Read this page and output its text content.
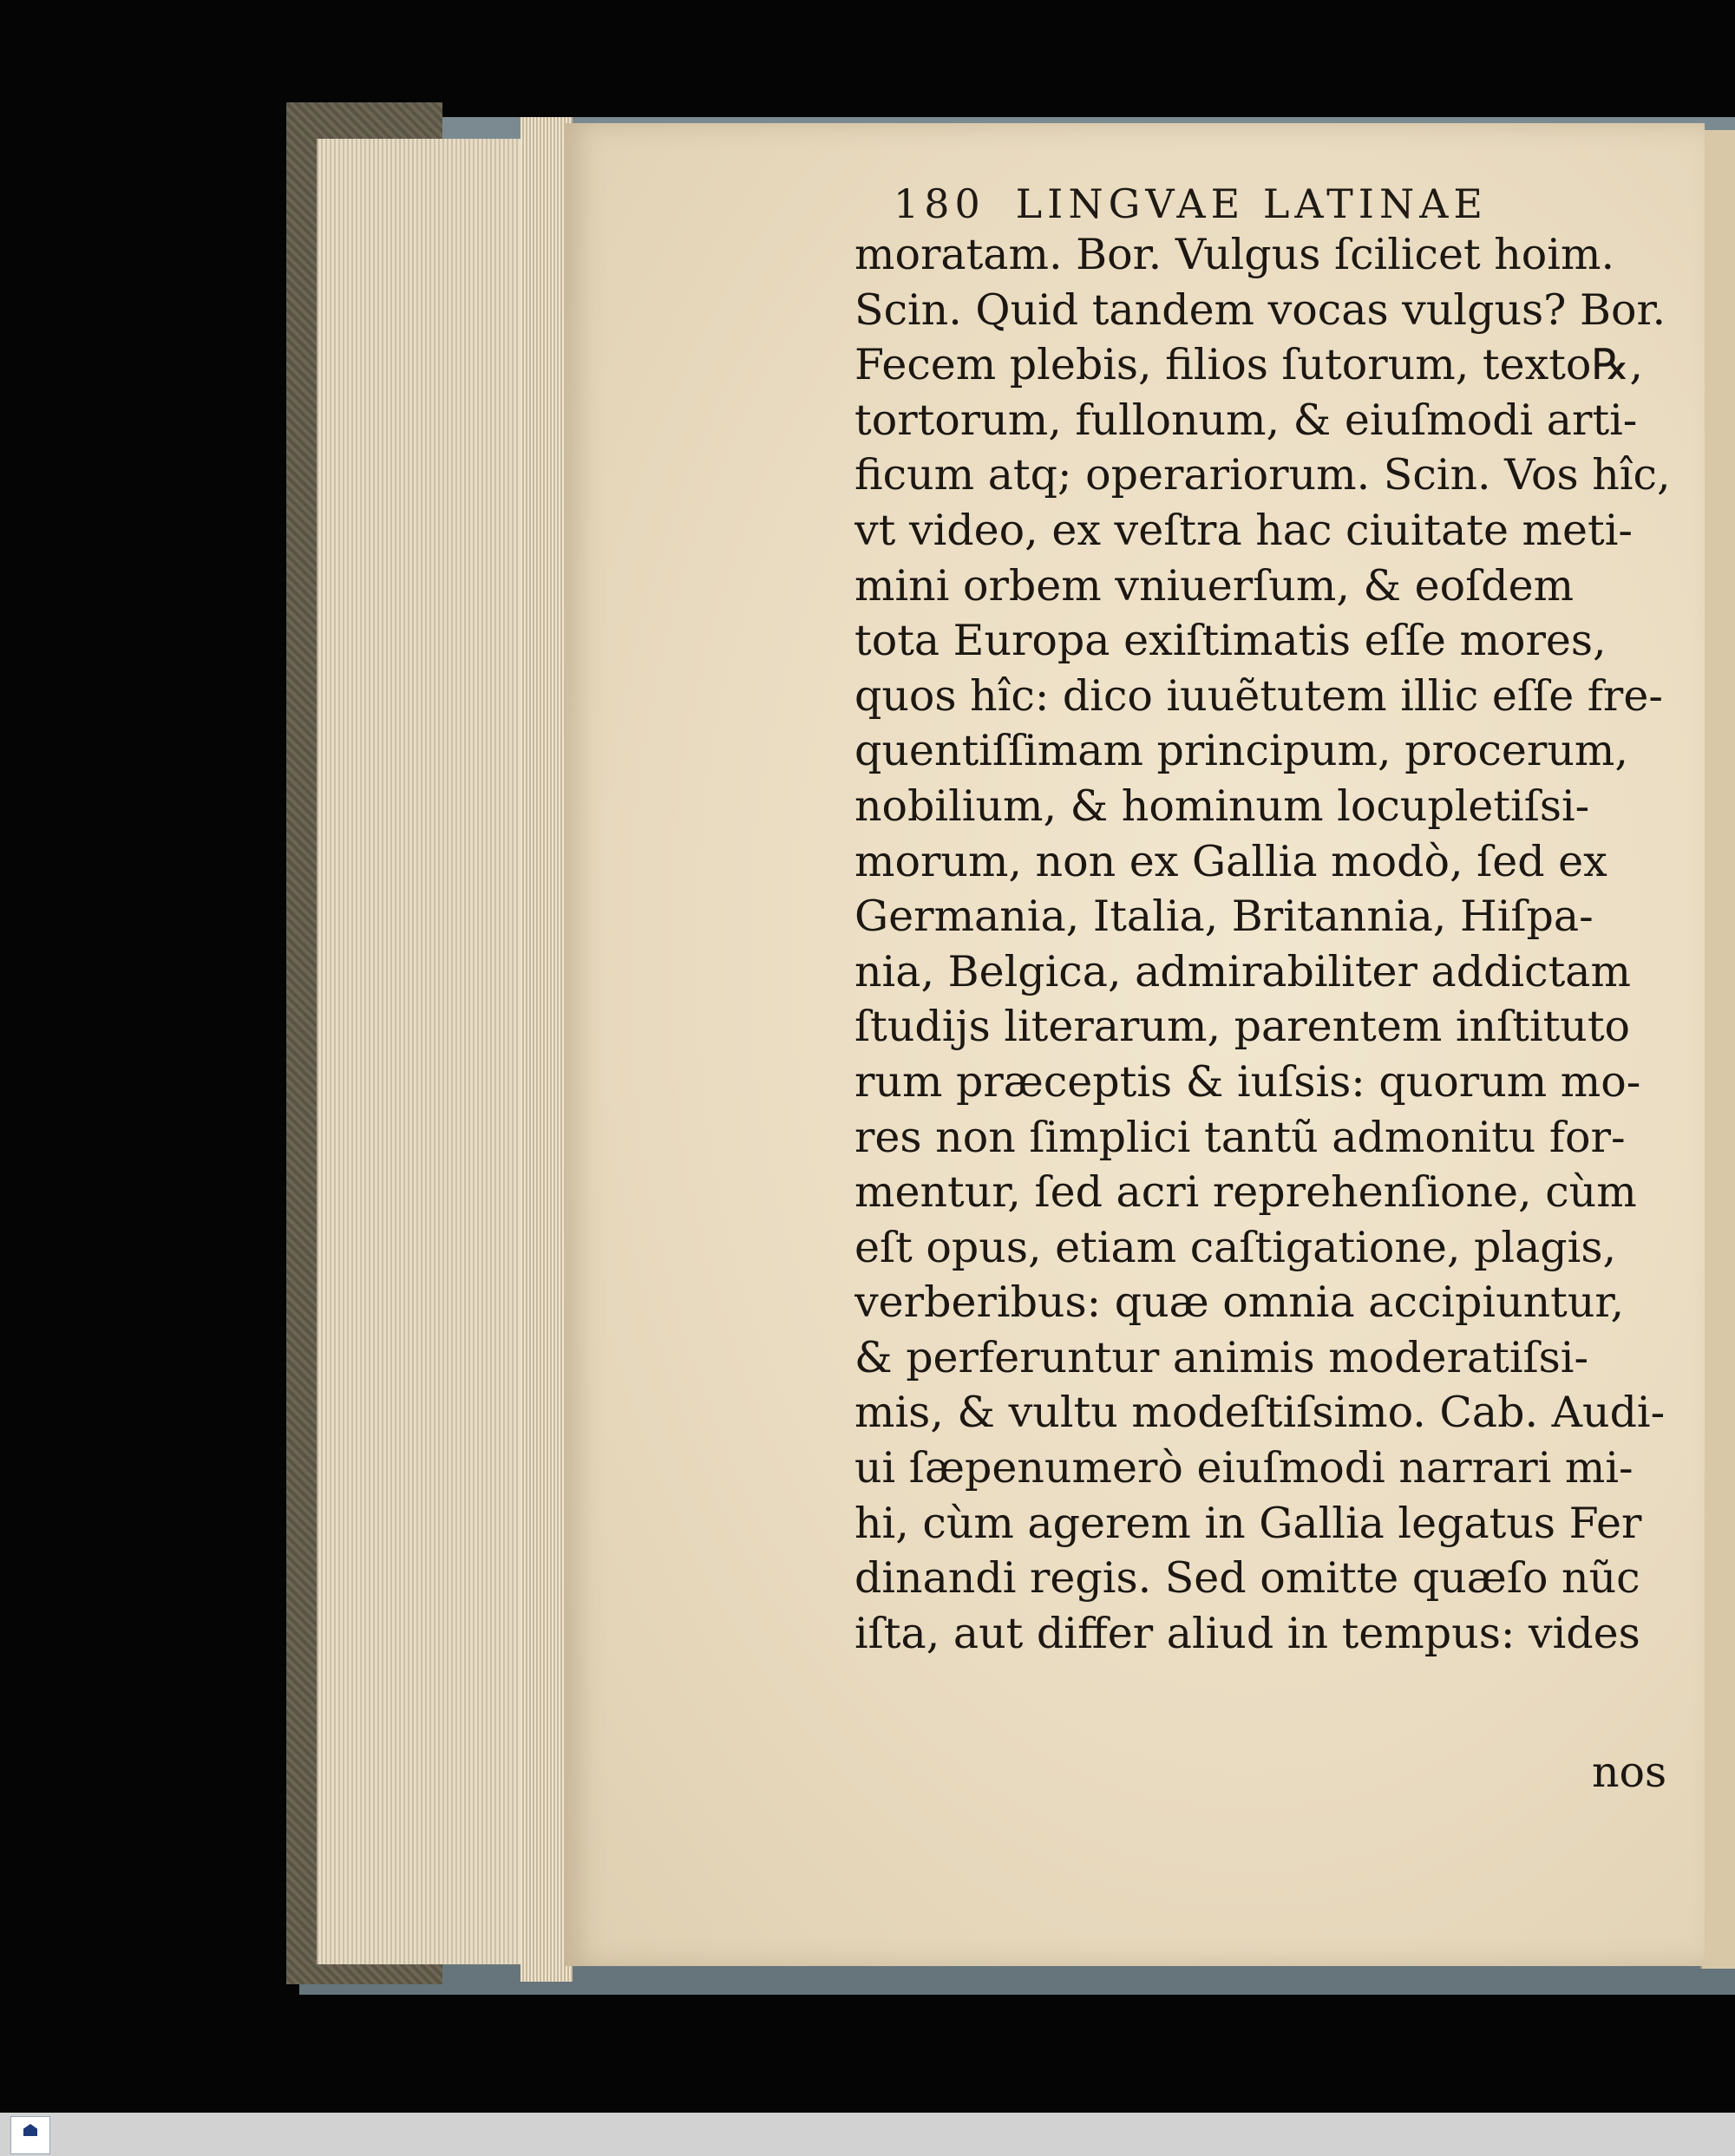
180 LINGVAE LATINAE
moratam. Bor. Vulgus ſcilicet hoim.
Scin. Quid tandem vocas vulgus? Bor.
Fecem plebis, filios ſutorum, texto℞,
tortorum, fullonum, & eiuſmodi arti-
ficum atq; operariorum. Scin. Vos hîc,
vt video, ex veſtra hac ciuitate meti-
mini orbem vniuerſum, & eoſdem
tota Europa exiſtimatis eſſe mores,
quos hîc: dico iuuẽtutem illic eſſe fre-
quentiſſimam principum, procerum,
nobilium, & hominum locupletiſsi-
morum, non ex Gallia modò, ſed ex
Germania, Italia, Britannia, Hiſpa-
nia, Belgica, admirabiliter addictam
ſtudijs literarum, parentem inſtituto
rum præceptis & iuſsis: quorum mo-
res non ſimplici tantũ admonitu for-
mentur, ſed acri reprehenſione, cùm
eſt opus, etiam caſtigatione, plagis,
verberibus: quæ omnia accipiuntur,
& perferuntur animis moderatiſsi-
mis, & vultu modeſtiſsimo. Cab. Audi-
ui ſæpenumerò eiuſmodi narrari mi-
hi, cùm agerem in Gallia legatus Fer
dinandi regis. Sed omitte quæſo nũc
iſta, aut differ aliud in tempus: vides
nos
